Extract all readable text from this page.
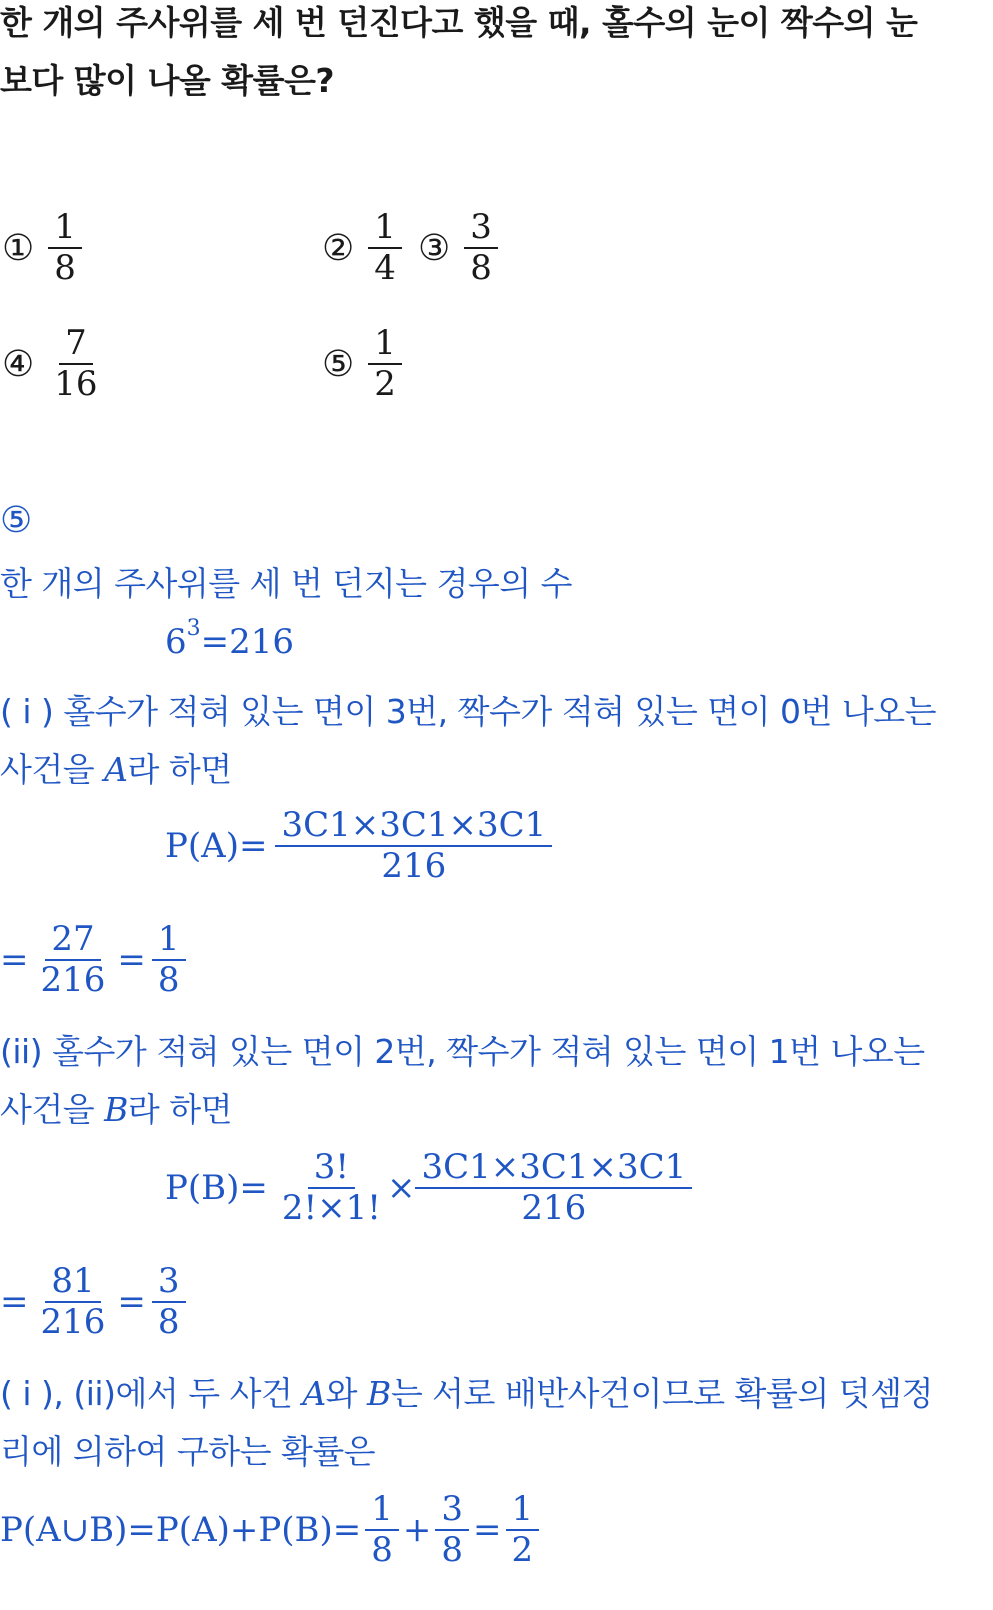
한 개의 주사위를 세 번 던진다고 했을 때, 홀수의 눈이 짝수의 눈
보다 많이 나올 확률은?
① $\frac{1}{8}$	② $\frac{1}{4}$ ③ $\frac{3}{8}$
④ $\frac{7}{16}$	⑤ $\frac{1}{2}$
⑤
한 개의 주사위를 세 번 던지는 경우의 수
6 3 =216
( i ) 홀수가 적혀 있는 면이 3번, 짝수가 적혀 있는 면이 0번 나오는
사건을 A라 하면
$P(A)= \frac{3C1\times 3C1\times 3C1}{216}$
= $\frac{27}{216} = \frac{1}{8}$
(ii) 홀수가 적혀 있는 면이 2번, 짝수가 적혀 있는 면이 1번 나오는
사건을 B라 하면
$P(B)= \frac{3!}{2!\times 1!} \times \frac{3C1\times 3C1\times 3C1}{216}$
= $\frac{81}{216} = \frac{3}{8}$
( i ), (ii)에서 두 사건 A와 B는 서로 배반사건이므로 확률의 덧셈정
리에 의하여 구하는 확률은
P(A∪B)=P(A)+P(B)= $\frac{1}{8} + \frac{3}{8} = \frac{1}{2}$
